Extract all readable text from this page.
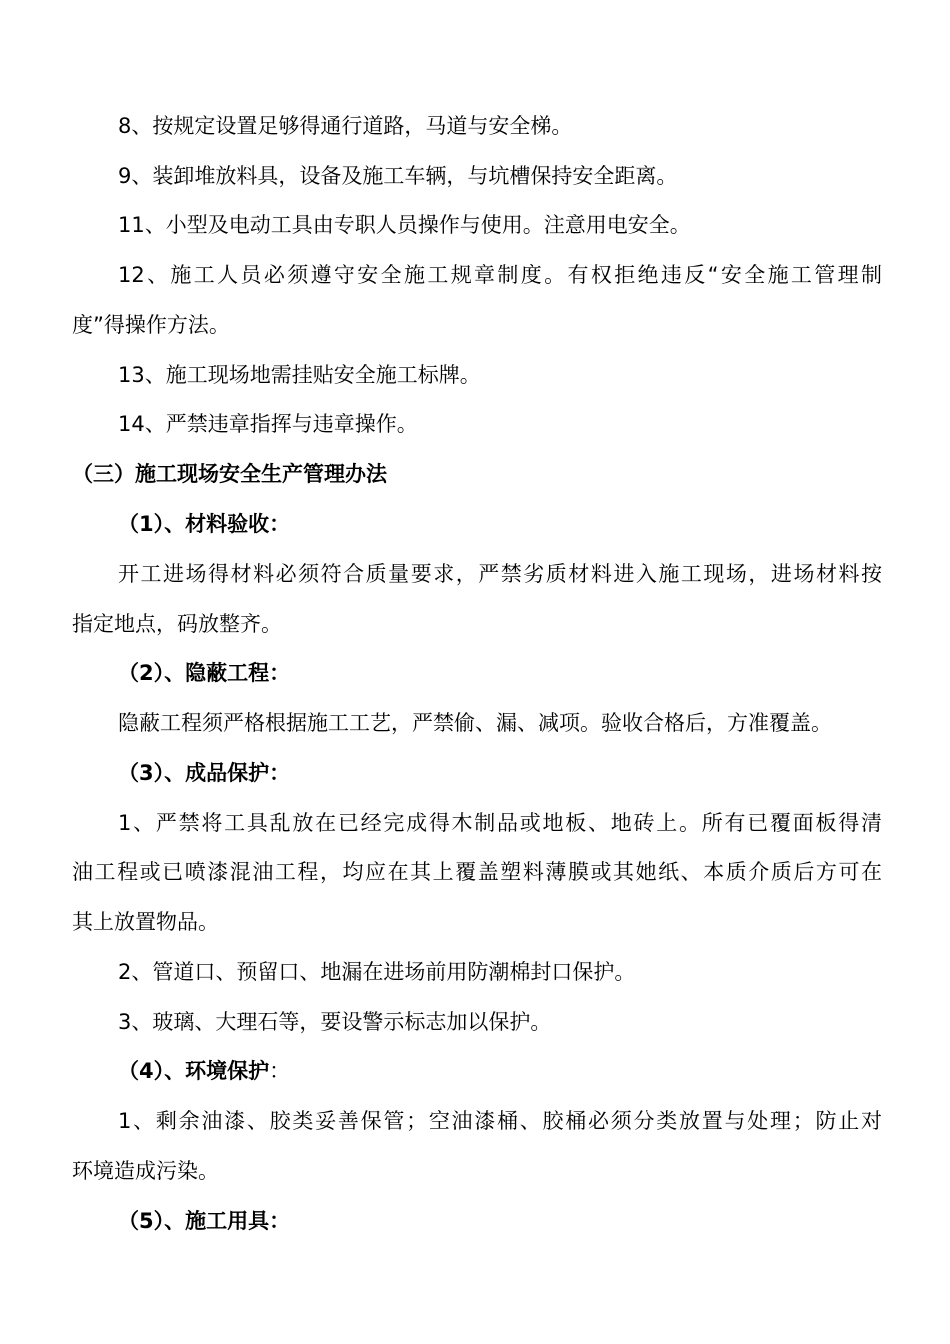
8、按规定设置足够得通行道路，马道与安全梯。
9、装卸堆放料具，设备及施工车辆，与坑槽保持安全距离。
11、小型及电动工具由专职人员操作与使用。注意用电安全。
12、施工人员必须遵守安全施工规章制度。有权拒绝违反“安全施工管理制
度”得操作方法。
13、施工现场地需挂贴安全施工标牌。
14、严禁违章指挥与违章操作。
（三）施工现场安全生产管理办法
（1）、材料验收：
开工进场得材料必须符合质量要求，严禁劣质材料进入施工现场，进场材料按
指定地点，码放整齐。
（2）、隐蔽工程：
隐蔽工程须严格根据施工工艺，严禁偷、漏、减项。验收合格后，方准覆盖。
（3）、成品保护：
1、严禁将工具乱放在已经完成得木制品或地板、地砖上。所有已覆面板得清
油工程或已喷漆混油工程，均应在其上覆盖塑料薄膜或其她纸、本质介质后方可在
其上放置物品。
2、管道口、预留口、地漏在进场前用防潮棉封口保护。
3、玻璃、大理石等，要设警示标志加以保护。
（4）、环境保护：
1、剩余油漆、胶类妥善保管；空油漆桶、胶桶必须分类放置与处理；防止对
环境造成污染。
（5）、施工用具：
